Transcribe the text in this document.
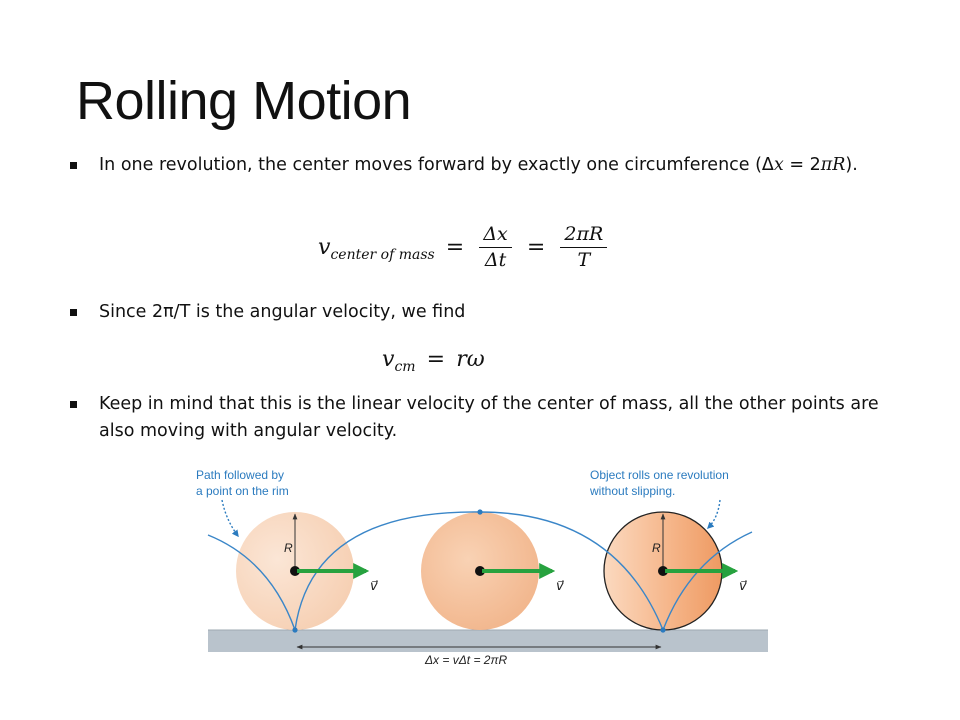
Rolling Motion
In one revolution, the center moves forward by exactly one circumference (Δx = 2πR).
vcenter of mass = $\frac{\Delta x}{\Delta t} = \frac{2\pi R}{T}$
Since 2π/T is the angular velocity, we find
vcm = rω
Keep in mind that this is the linear velocity of the center of mass, all the other points are also moving with angular velocity.
R	R
v⃗	v⃗	v⃗
Δx = vΔt = 2πR
Path followed by
a point on the rim
Object rolls one revolution
without slipping.
